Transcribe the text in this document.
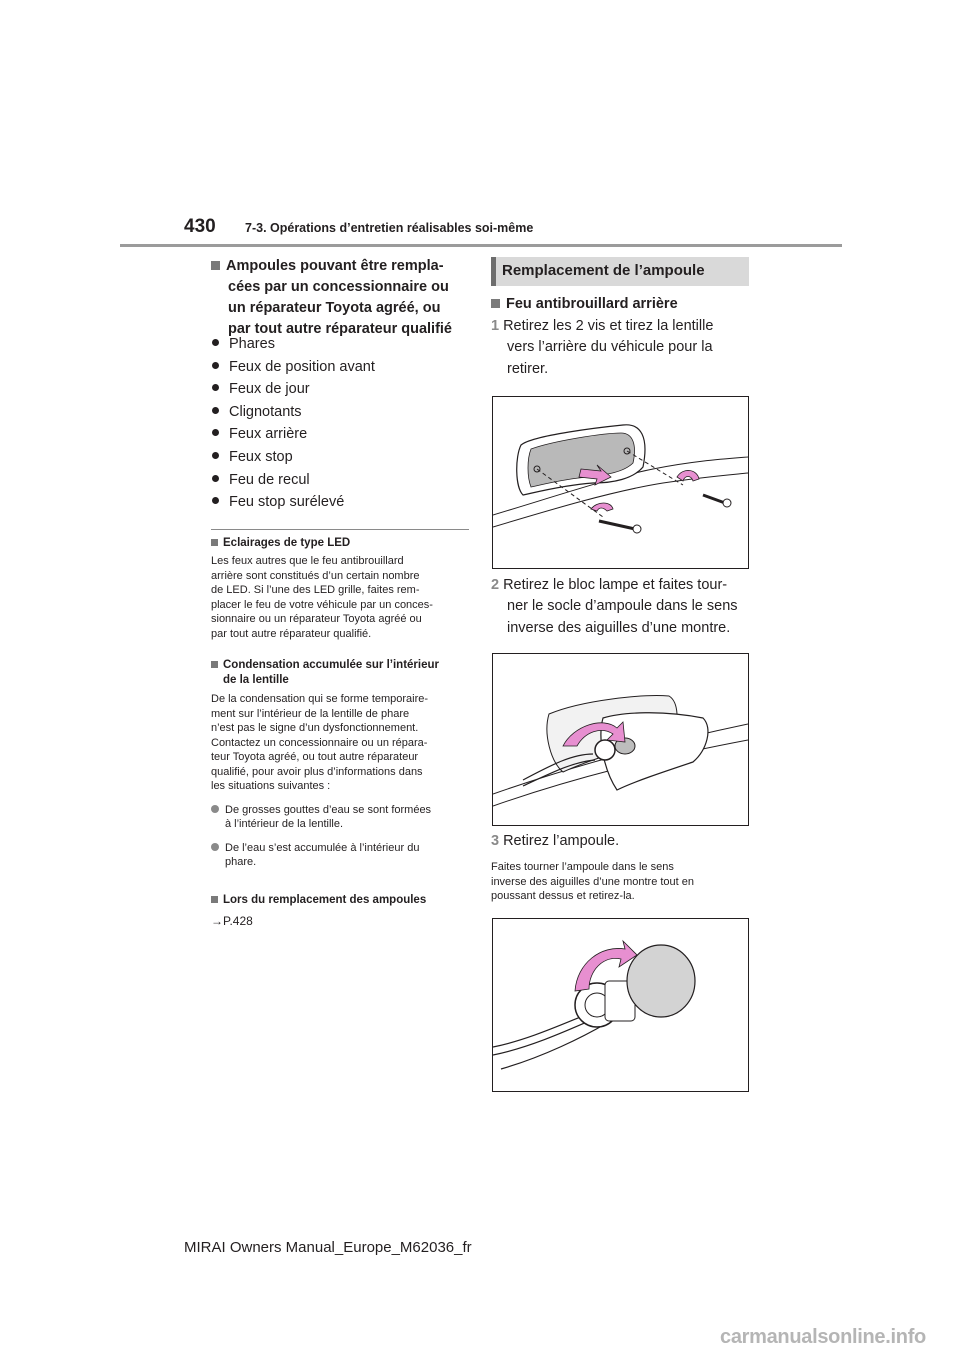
430 7-3. Opérations d’entretien réalisables soi-même
Ampoules pouvant être rempla-
cées par un concessionnaire ou
un réparateur Toyota agréé, ou
par tout autre réparateur qualifié
Phares
Feux de position avant
Feux de jour
Clignotants
Feux arrière
Feux stop
Feu de recul
Feu stop surélevé
Eclairages de type LED
Les feux autres que le feu antibrouillard
arrière sont constitués d’un certain nombre
de LED. Si l’une des LED grille, faites rem-
placer le feu de votre véhicule par un conces-
sionnaire ou un réparateur Toyota agréé ou
par tout autre réparateur qualifié.
Condensation accumulée sur l’intérieur
de la lentille
De la condensation qui se forme temporaire-
ment sur l’intérieur de la lentille de phare
n’est pas le signe d’un dysfonctionnement.
Contactez un concessionnaire ou un répara-
teur Toyota agréé, ou tout autre réparateur
qualifié, pour avoir plus d’informations dans
les situations suivantes :
De grosses gouttes d’eau se sont formées
à l’intérieur de la lentille.
De l’eau s’est accumulée à l’intérieur du
phare.
Lors du remplacement des ampoules
→P.428
Remplacement de l’ampoule
Feu antibrouillard arrière
1 Retirez les 2 vis et tirez la lentille
vers l’arrière du véhicule pour la
retirer.
2 Retirez le bloc lampe et faites tour-
ner le socle d’ampoule dans le sens
inverse des aiguilles d’une montre.
3 Retirez l’ampoule.
Faites tourner l’ampoule dans le sens
inverse des aiguilles d’une montre tout en
poussant dessus et retirez-la.
MIRAI Owners Manual_Europe_M62036_fr
carmanualsonline.info
